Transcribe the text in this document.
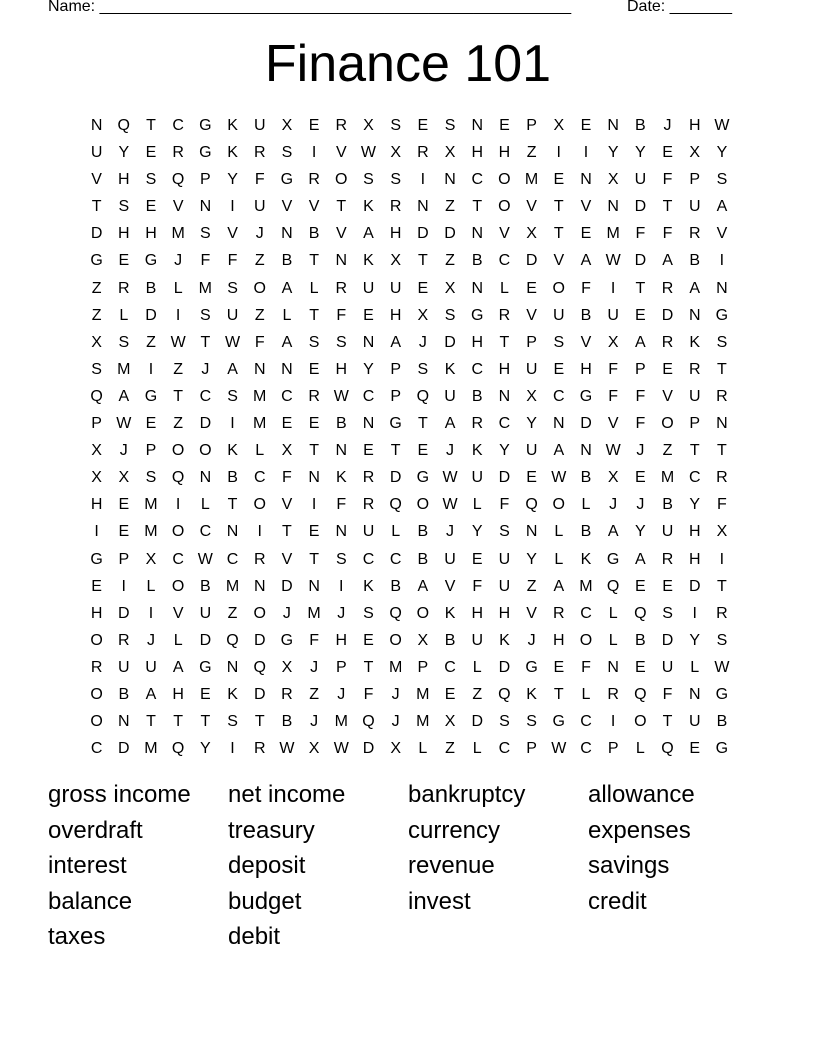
Name: _____________________________________________________	Date: _______
Finance 101
N Q	T	C G K	U	X	E	R	X	S	E	S	N	E	P	X	E	N	B	J	H W
U	Y	E	R G K	R	S	I	V W X	R	X	H H	Z	I	I	Y	Y	E	X	Y
V	H	S Q P	Y	F	G R O S	S	I	N C O M E	N	X	U	F	P	S
T	S	E	V	N	I	U	V	V	T	K	R N	Z	T	O V	T	V	N D	T	U	A
D H H M S	V	J	N	B	V	A	H D D N	V	X	T	E M F	F	R	V
G E G	J	F	F	Z	B	T	N	K	X	T	Z	B	C D	V	A W D	A	B	I
Z	R	B	L	M S O A	L	R U U	E	X	N	L	E O	F	I	T	R	A	N
Z	L	D	I	S	U	Z	L	T	F	E	H	X	S G R	V	U	B	U	E	D N G
X	S	Z W T W F	A	S	S	N	A	J	D H	T	P	S	V	X	A	R	K	S
S M	I	Z	J	A	N N	E	H	Y	P	S	K	C H U	E	H	F	P	E	R	T
Q A G	T	C	S M C R W C	P Q U	B	N	X	C G	F	F	V	U R
P W E	Z	D	I	M E	E	B	N G	T	A	R C	Y	N D	V	F	O P	N
X	J	P O O K	L	X	T	N	E	T	E	J	K	Y	U	A	N W J	Z	T	T
X	X	S Q N	B	C	F	N	K	R D G W U D	E W B	X	E M C R
H	E M	I	L	T	O V	I	F	R Q O W L	F	Q O	L	J	J	B	Y	F
I	E M O C N	I	T	E	N U	L	B	J	Y	S	N	L	B	A	Y	U H	X
G P	X	C W C R	V	T	S	C C	B	U	E	U	Y	L	K G A	R H	I
E	I	L	O B M N D N	I	K	B	A	V	F	U	Z	A M Q E	E	D	T
H D	I	V	U	Z	O	J	M	J	S Q O K	H H	V	R C	L	Q S	I	R
O R	J	L	D Q D G	F	H	E O X	B	U	K	J	H O	L	B	D	Y	S
R U U	A G N Q X	J	P	T M P	C	L	D G E	F	N	E	U	L W
O B	A	H	E	K	D R	Z	J	F	J	M E	Z	Q K	T	L	R Q	F	N G
O N	T	T	T	S	T	B	J	M Q	J	M X	D	S	S G C	I	O	T	U	B
C D M Q Y	I	R W X W D	X	L	Z	L	C	P W C	P	L	Q E G
gross income	net income	bankruptcy	allowance
overdraft	treasury	currency	expenses
interest	deposit	revenue	savings
balance	budget	invest	credit
taxes	debit
